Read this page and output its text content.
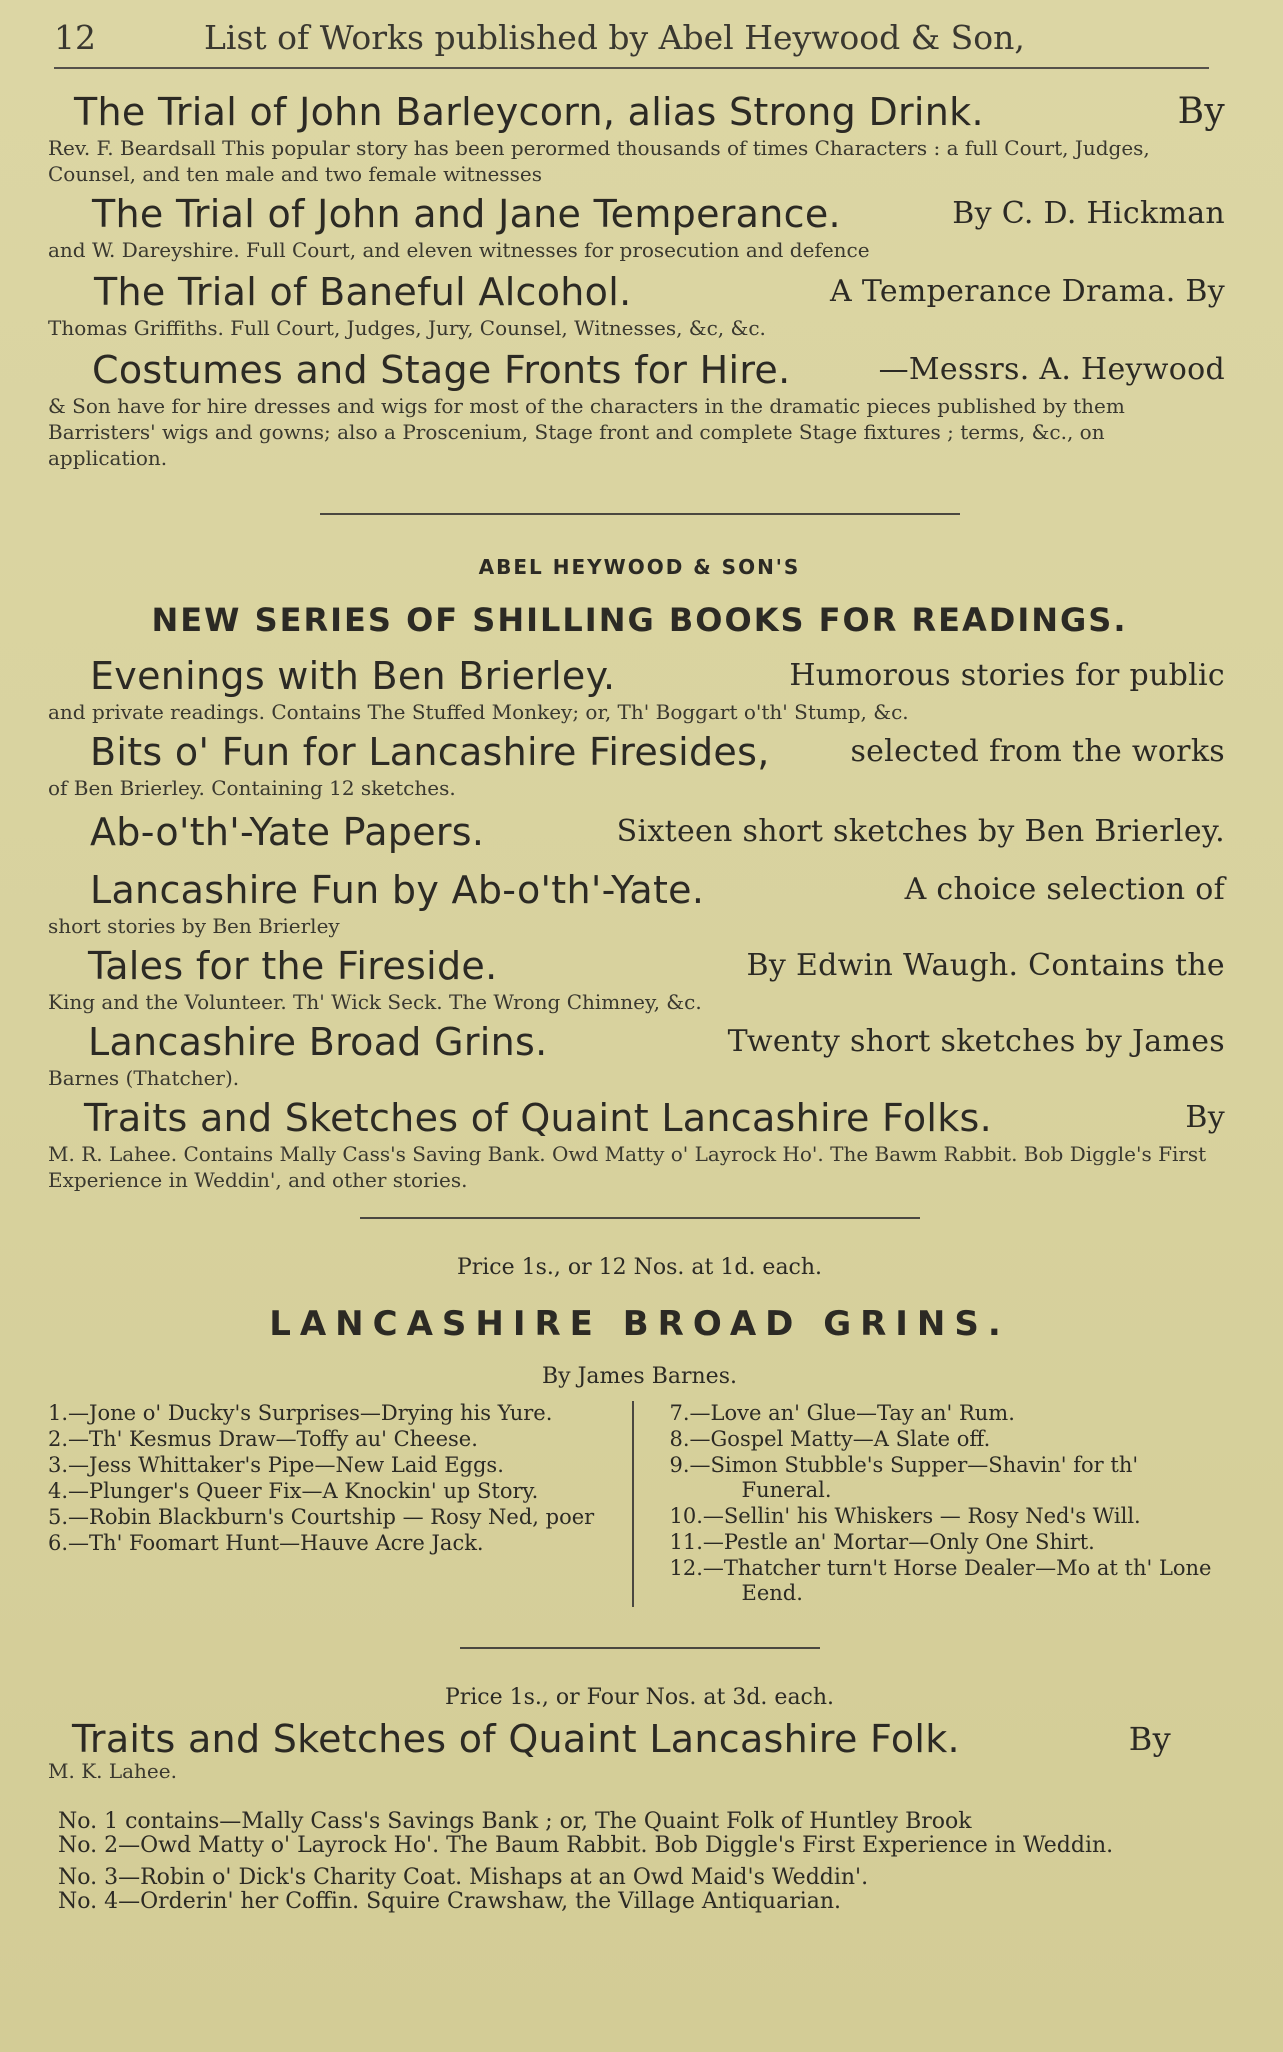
12	List of Works published by Abel Heywood & Son,
The Trial of John Barleycorn, alias Strong Drink.	By
Rev. F. Beardsall This popular story has been perormed thousands of times Characters : a full Court, Judges, Counsel, and ten male and two female witnesses
The Trial of John and Jane Temperance.	By C. D. Hickman
and W. Dareyshire. Full Court, and eleven witnesses for prosecution and defence
The Trial of Baneful Alcohol.	A Temperance Drama. By
Thomas Griffiths. Full Court, Judges, Jury, Counsel, Witnesses, &c, &c.
Costumes and Stage Fronts for Hire.	—Messrs. A. Heywood
& Son have for hire dresses and wigs for most of the characters in the dramatic pieces published by them Barristers' wigs and gowns; also a Proscenium, Stage front and complete Stage fixtures ; terms, &c., on application.
ABEL HEYWOOD & SON'S
NEW SERIES OF SHILLING BOOKS FOR READINGS.
Evenings with Ben Brierley.	Humorous stories for public
and private readings. Contains The Stuffed Monkey; or, Th' Boggart o'th' Stump, &c.
Bits o' Fun for Lancashire Firesides,	selected from the works
of Ben Brierley. Containing 12 sketches.
Ab-o'th'-Yate Papers.	Sixteen short sketches by Ben Brierley.
Lancashire Fun by Ab-o'th'-Yate.	A choice selection of
short stories by Ben Brierley
Tales for the Fireside.	By Edwin Waugh. Contains the
King and the Volunteer. Th' Wick Seck. The Wrong Chimney, &c.
Lancashire Broad Grins.	Twenty short sketches by James
Barnes (Thatcher).
Traits and Sketches of Quaint Lancashire Folks.	By
M. R. Lahee. Contains Mally Cass's Saving Bank. Owd Matty o' Layrock Ho'. The Bawm Rabbit. Bob Diggle's First Experience in Weddin', and other stories.
Price 1s., or 12 Nos. at 1d. each.
LANCASHIRE BROAD GRINS.
By James Barnes.
1.—Jone o' Ducky's Surprises—Drying his Yure.
2.—Th' Kesmus Draw—Toffy au' Cheese.
3.—Jess Whittaker's Pipe—New Laid Eggs.
4.—Plunger's Queer Fix—A Knockin' up Story.
5.—Robin Blackburn's Courtship — Rosy Ned, poer
6.—Th' Foomart Hunt—Hauve Acre Jack.
7.—Love an' Glue—Tay an' Rum.
8.—Gospel Matty—A Slate off.
9.—Simon Stubble's Supper—Shavin' for th' Funeral.
10.—Sellin' his Whiskers — Rosy Ned's Will.
11.—Pestle an' Mortar—Only One Shirt.
12.—Thatcher turn't Horse Dealer—Mo at th' Lone Eend.
Price 1s., or Four Nos. at 3d. each.
Traits and Sketches of Quaint Lancashire Folk.	By
M. K. Lahee.

No. 1 contains—Mally Cass's Savings Bank ; or, The Quaint Folk of Huntley Brook

No. 2—Owd Matty o' Layrock Ho'. The Baum Rabbit. Bob Diggle's First Experience in Weddin.

No. 3—Robin o' Dick's Charity Coat. Mishaps at an Owd Maid's Weddin'.

No. 4—Orderin' her Coffin. Squire Crawshaw, the Village Antiquarian.
